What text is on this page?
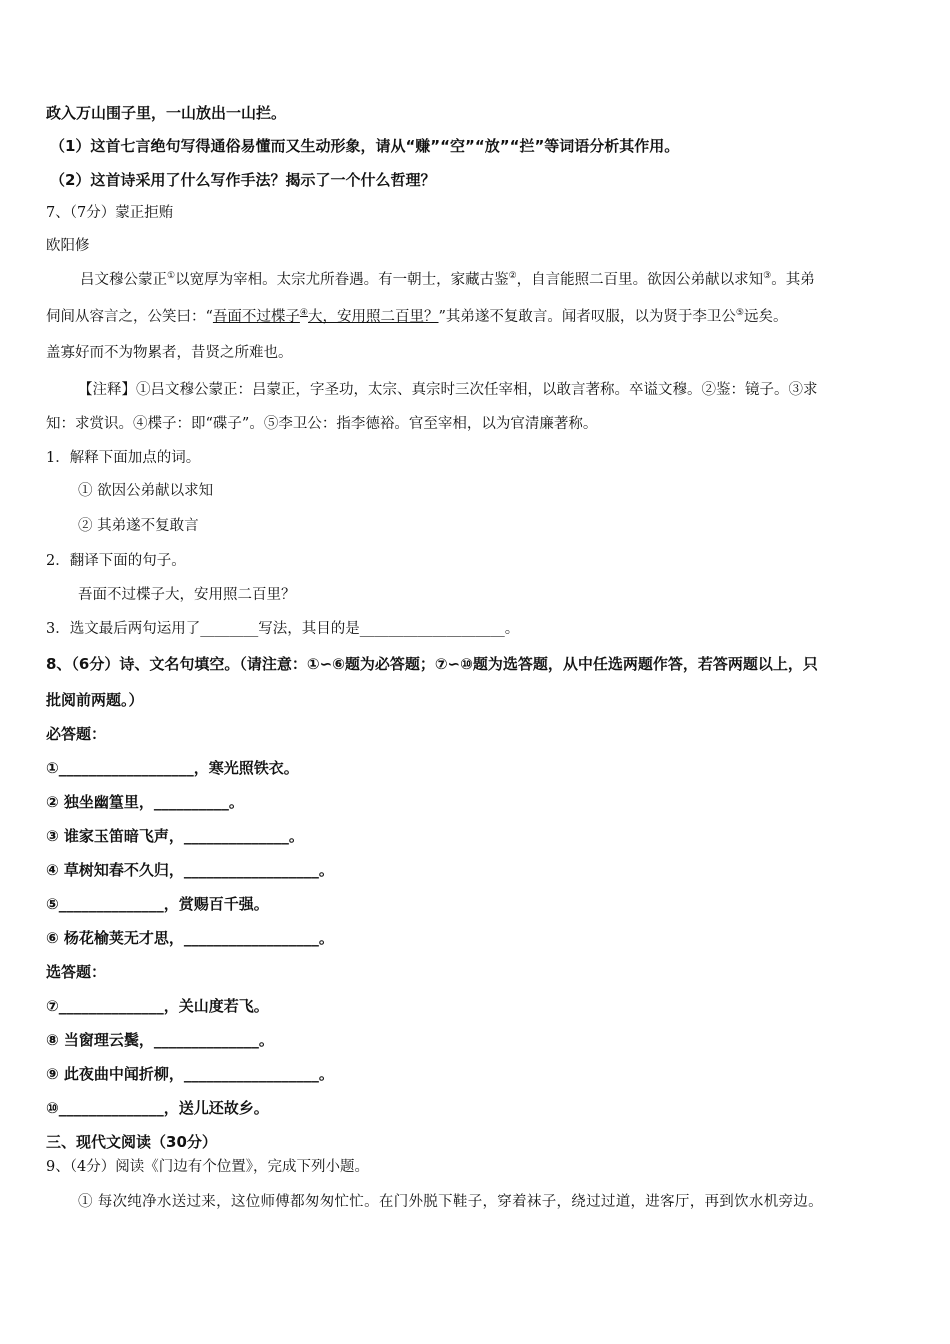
政入万山围子里，一山放出一山拦。
（1）这首七言绝句写得通俗易懂而又生动形象，请从“赚”“空”“放”“拦”等词语分析其作用。
（2）这首诗采用了什么写作手法？揭示了一个什么哲理？
7、（7分）蒙正拒贿
欧阳修
吕文穆公蒙正①以宽厚为宰相。太宗尤所眷遇。有一朝士，家藏古鉴②，自言能照二百里。欲因公弟献以求知③。其弟
伺间从容言之，公笑曰：“吾面不过楪子④大，安用照二百里？”其弟遂不复敢言。闻者叹服，以为贤于李卫公⑤远矣。
盖寡好而不为物累者，昔贤之所难也。
【注释】①吕文穆公蒙正：吕蒙正，字圣功，太宗、真宗时三次任宰相，以敢言著称。卒谥文穆。②鉴：镜子。③求
知：求赏识。④楪子：即“碟子”。⑤李卫公：指李德裕。官至宰相，以为官清廉著称。
1．解释下面加点的词。
① 欲因公弟献以求知
② 其弟遂不复敢言
2．翻译下面的句子。
吾面不过楪子大，安用照二百里？
3．选文最后两句运用了________写法，其目的是____________________。
8、（6分）诗、文名句填空。（请注意：①∽⑥题为必答题；⑦∽⑩题为选答题，从中任选两题作答，若答两题以上，只
批阅前两题。）
必答题：
①__________________，寒光照铁衣。
② 独坐幽篁里，__________。
③ 谁家玉笛暗飞声，______________。
④ 草树知春不久归，__________________。
⑤______________，赏赐百千强。
⑥ 杨花榆荚无才思，__________________。
选答题：
⑦______________，关山度若飞。
⑧ 当窗理云鬓，______________。
⑨ 此夜曲中闻折柳，__________________。
⑩______________，送儿还故乡。
三、现代文阅读（30分）
9、（4分）阅读《门边有个位置》，完成下列小题。
① 每次纯净水送过来，这位师傅都匆匆忙忙。在门外脱下鞋子，穿着袜子，绕过过道，进客厅，再到饮水机旁边。
